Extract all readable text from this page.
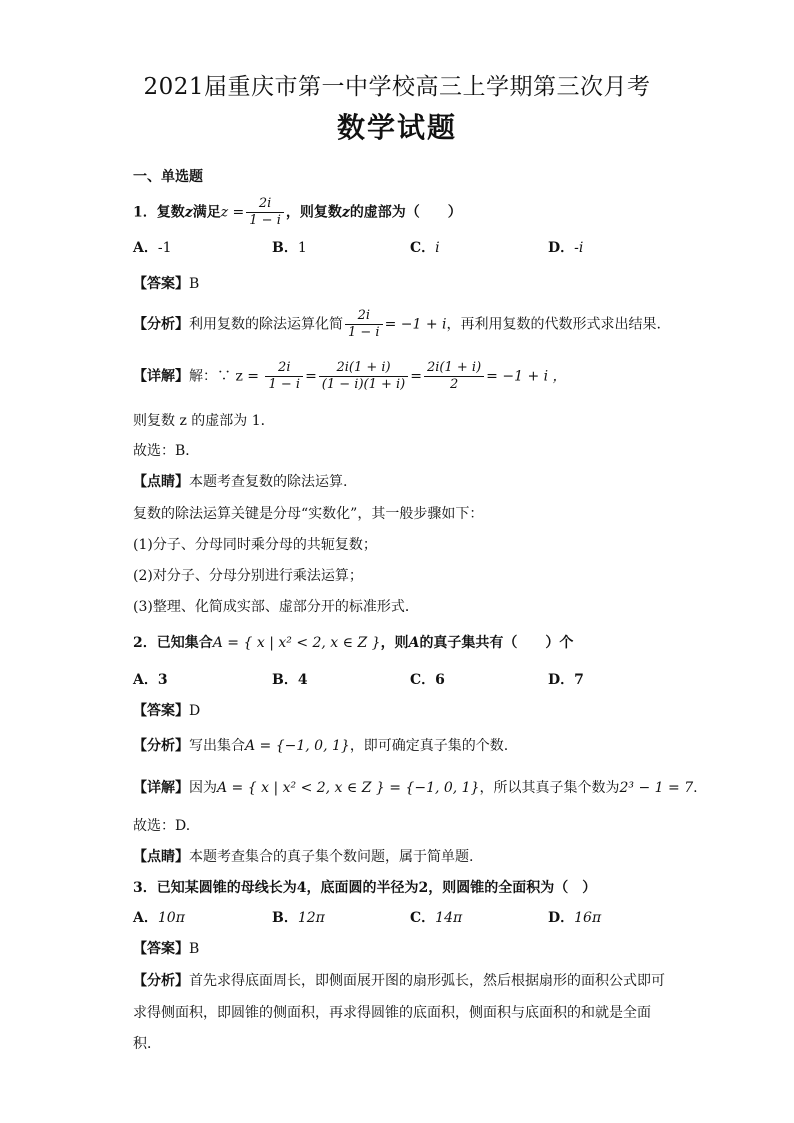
2021届重庆市第一中学校高三上学期第三次月考
数学试题
一、单选题
1．复数z满足$z = \frac{2i}{1 - i}$ ，则复数z的虚部为（　　）
A．-1	B．1	C．i	D．-i
【答案】B
【分析】利用复数的除法运算化简 $\frac{2i}{1 - i} = -1 + i$，再利用复数的代数形式求出结果.
【详解】解：∵ $z = \frac{2i}{1 - i} = \frac{2i(1 + i)}{(1 - i)(1 + i)} = \frac{2i(1 + i)}{2} = -1 + i$ ，
则复数 z 的虚部为 1．
故选：B．
【点睛】本题考查复数的除法运算.
复数的除法运算关键是分母“实数化”，其一般步骤如下：
(1)分子、分母同时乘分母的共轭复数；
(2)对分子、分母分别进行乘法运算；
(3)整理、化简成实部、虚部分开的标准形式．
2．已知集合A = { x | x² < 2, x ∈ Z }，则A的真子集共有（　　）个
A．3	B．4	C．6	D．7
【答案】D
【分析】写出集合A = {−1, 0, 1}，即可确定真子集的个数.
【详解】因为A = { x | x² < 2, x ∈ Z } = {−1, 0, 1}，所以其真子集个数为2³ − 1 = 7.
故选：D.
【点睛】本题考查集合的真子集个数问题，属于简单题.
3．已知某圆锥的母线长为4，底面圆的半径为2，则圆锥的全面积为（　）
A．10π	B．12π	C．14π	D．16π
【答案】B
【分析】首先求得底面周长，即侧面展开图的扇形弧长，然后根据扇形的面积公式即可
求得侧面积，即圆锥的侧面积，再求得圆锥的底面积，侧面积与底面积的和就是全面
积．
